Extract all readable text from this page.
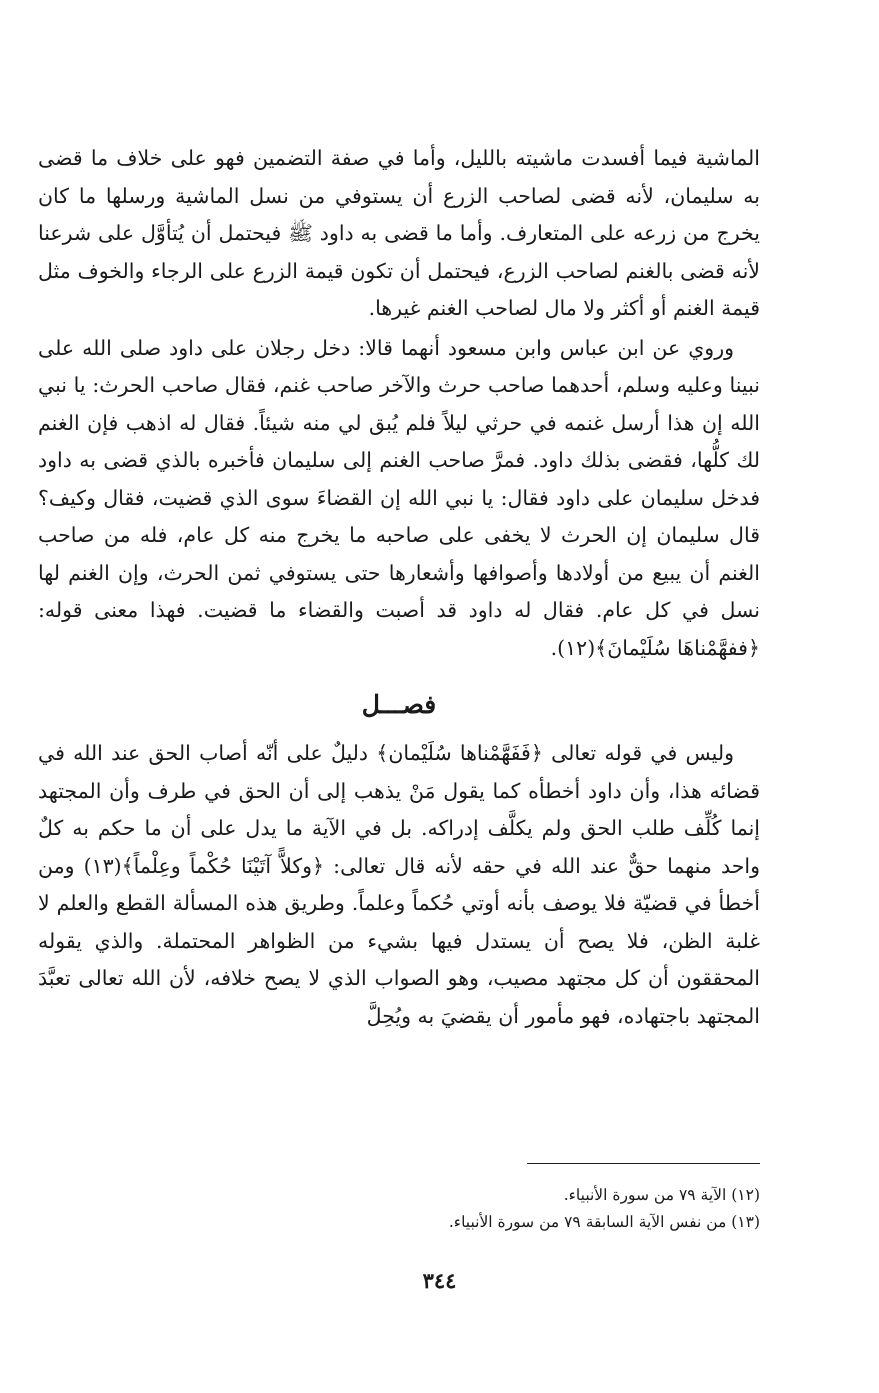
الماشية فيما أفسدت ماشيته بالليل، وأما في صفة التضمين فهو على خلاف ما قضى به سليمان، لأنه قضى لصاحب الزرع أن يستوفي من نسل الماشية ورسلها ما كان يخرج من زرعه على المتعارف. وأما ما قضى به داود ﷺ فيحتمل أن يُتأوَّل على شرعنا لأنه قضى بالغنم لصاحب الزرع، فيحتمل أن تكون قيمة الزرع على الرجاء والخوف مثل قيمة الغنم أو أكثر ولا مال لصاحب الغنم غيرها.

وروي عن ابن عباس وابن مسعود أنهما قالا: دخل رجلان على داود صلى الله على نبينا وعليه وسلم، أحدهما صاحب حرث والآخر صاحب غنم، فقال صاحب الحرث: يا نبي الله إن هذا أرسل غنمه في حرثي ليلاً فلم يُبق لي منه شيئاً. فقال له اذهب فإن الغنم لك كلُّها، فقضى بذلك داود. فمرَّ صاحب الغنم إلى سليمان فأخبره بالذي قضى به داود فدخل سليمان على داود فقال: يا نبي الله إن القضاءَ سوى الذي قضيت، فقال وكيف؟ قال سليمان إن الحرث لا يخفى على صاحبه ما يخرج منه كل عام، فله من صاحب الغنم أن يبيع من أولادها وأصوافها وأشعارها حتى يستوفي ثمن الحرث، وإن الغنم لها نسل في كل عام. فقال له داود قد أصبت والقضاء ما قضيت. فهذا معنى قوله: ﴿ففهَّمْناهَا سُلَيْمانَ﴾(١٢).

فصـــل

وليس في قوله تعالى ﴿فَفَهَّمْناها سُلَيْمان﴾ دليلٌ على أنّه أصاب الحق عند الله في قضائه هذا، وأن داود أخطأه كما يقول مَنْ يذهب إلى أن الحق في طرف وأن المجتهد إنما كُلِّف طلب الحق ولم يكلَّف إدراكه. بل في الآية ما يدل على أن ما حكم به كلٌ واحد منهما حقٌّ عند الله في حقه لأنه قال تعالى: ﴿وكلاًّ آتَيْنَا حُكْماً وعِلْماً﴾(١٣) ومن أخطأ في قضيّة فلا يوصف بأنه أوتي حُكماً وعلماً. وطريق هذه المسألة القطع والعلم لا غلبة الظن، فلا يصح أن يستدل فيها بشيء من الظواهر المحتملة. والذي يقوله المحققون أن كل مجتهد مصيب، وهو الصواب الذي لا يصح خلافه، لأن الله تعالى تعبَّدَ المجتهد باجتهاده، فهو مأمور أن يقضيَ به ويُحِلَّ

(١٢) الآية ٧٩ من سورة الأنبياء.

(١٣) من نفس الآية السابقة ٧٩ من سورة الأنبياء.

٣٤٤
